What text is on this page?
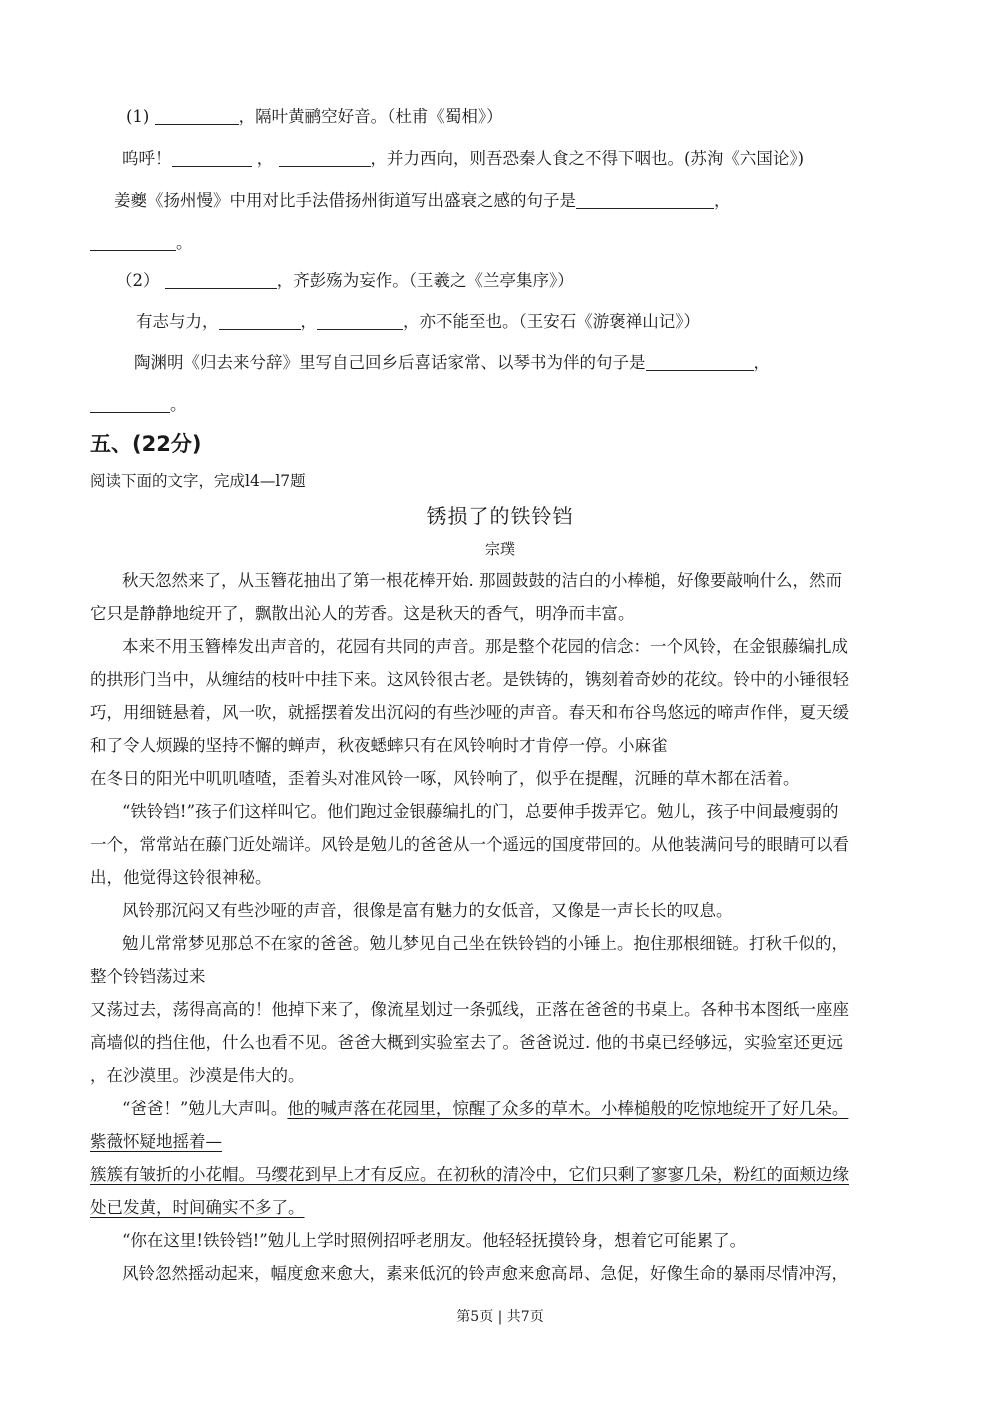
(1)	，隔叶黄鹂空好音。（杜甫《蜀相》）
呜呼！	，	，并力西向，则吾恐秦人食之不得下咽也。(苏洵《六国论》)
姜夔《扬州慢》中用对比手法借扬州街道写出盛衰之感的句子是	，
。
（2）	，齐彭殇为妄作。（王羲之《兰亭集序》）
有志与力，	，	，亦不能至也。（王安石《游褒禅山记》）
陶渊明《归去来兮辞》里写自己回乡后喜话家常、以琴书为伴的句子是	，
。
五、(22分)
阅读下面的文字，完成l4—l7题
锈损了的铁铃铛
宗璞
秋天忽然来了，从玉簪花抽出了第一根花棒开始. 那圆鼓鼓的洁白的小棒槌，好像要敲响什么，然而
它只是静静地绽开了，飘散出沁人的芳香。这是秋天的香气，明净而丰富。
本来不用玉簪棒发出声音的，花园有共同的声音。那是整个花园的信念：一个风铃，在金银藤编扎成
的拱形门当中，从缠结的枝叶中挂下来。这风铃很古老。是铁铸的，镌刻着奇妙的花纹。铃中的小锤很轻
巧，用细链悬着，风一吹，就摇摆着发出沉闷的有些沙哑的声音。春天和布谷鸟悠远的啼声作伴，夏天缓
和了令人烦躁的坚持不懈的蝉声，秋夜蟋蟀只有在风铃响时才肯停一停。小麻雀
在冬日的阳光中叽叽喳喳，歪着头对准风铃一啄，风铃响了，似乎在提醒，沉睡的草木都在活着。
“铁铃铛!”孩子们这样叫它。他们跑过金银藤编扎的门，总要伸手拨弄它。勉儿，孩子中间最瘦弱的
一个，常常站在藤门近处端详。风铃是勉儿的爸爸从一个遥远的国度带回的。从他装满问号的眼睛可以看
出，他觉得这铃很神秘。
风铃那沉闷又有些沙哑的声音，很像是富有魅力的女低音，又像是一声长长的叹息。
勉儿常常梦见那总不在家的爸爸。勉儿梦见自己坐在铁铃铛的小锤上。抱住那根细链。打秋千似的，
整个铃铛荡过来
又荡过去，荡得高高的！他掉下来了，像流星划过一条弧线，正落在爸爸的书桌上。各种书本图纸一座座
高墙似的挡住他，什么也看不见。爸爸大概到实验室去了。爸爸说过. 他的书桌已经够远，实验室还更远
，在沙漠里。沙漠是伟大的。
“爸爸！”勉儿大声叫。他的喊声落在花园里，惊醒了众多的草木。小棒槌般的吃惊地绽开了好几朵。
紫薇怀疑地摇着—
簇簇有皱折的小花帽。马缨花到早上才有反应。在初秋的清冷中，它们只剩了寥寥几朵，粉红的面颊边缘
处已发黄，时间确实不多了。
“你在这里!铁铃铛!”勉儿上学时照例招呼老朋友。他轻轻抚摸铃身，想着它可能累了。
风铃忽然摇动起来，幅度愈来愈大，素来低沉的铃声愈来愈高昂、急促，好像生命的暴雨尽情冲泻，
第5页 | 共7页
